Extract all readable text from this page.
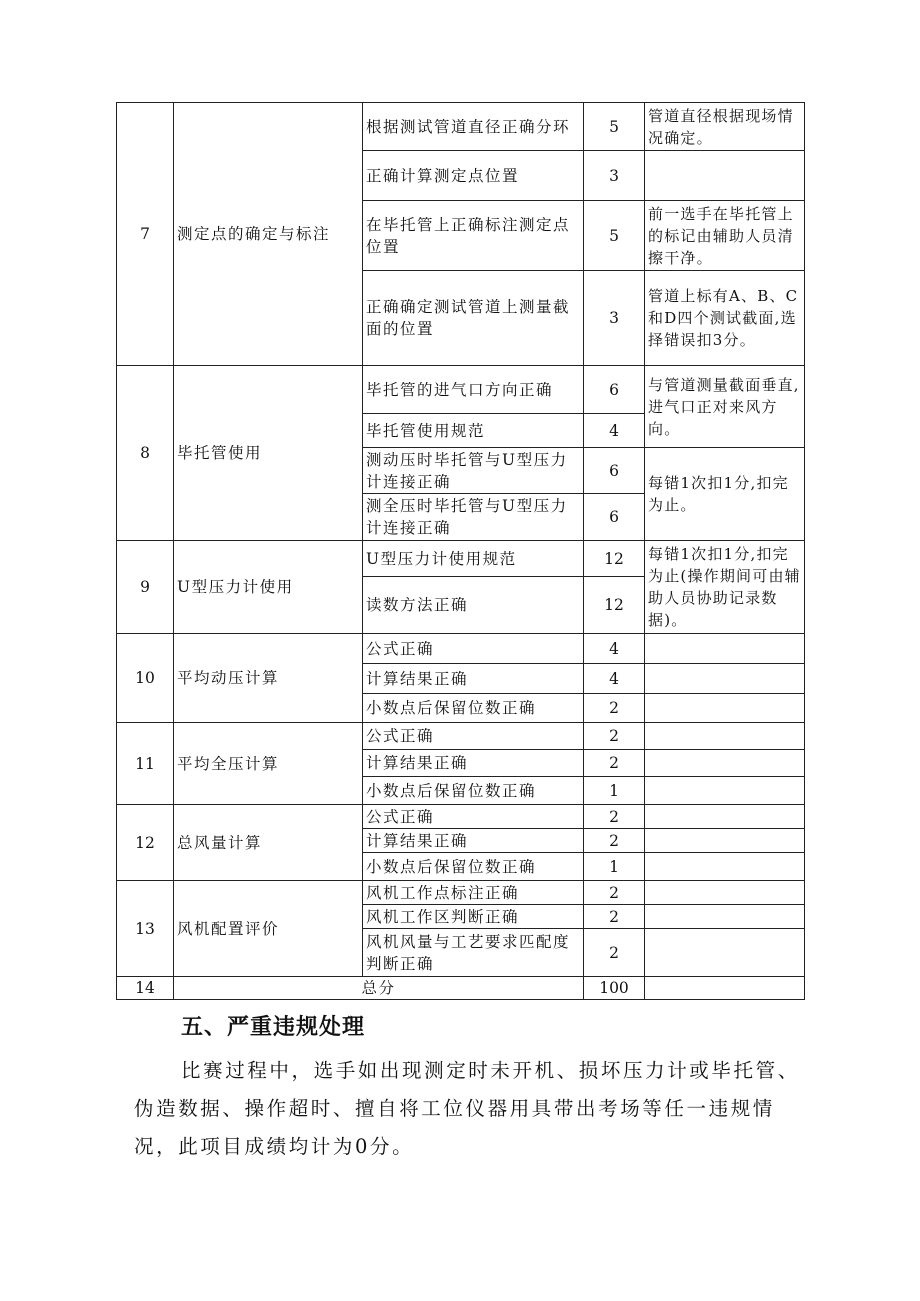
7	测定点的确定与标注	根据测试管道直径正确分环	5	管道直径根据现场情况确定。
		正确计算测定点位置	3	
		在毕托管上正确标注测定点位置	5	前一选手在毕托管上的标记由辅助人员清擦干净。
		正确确定测试管道上测量截面的位置	3	管道上标有A、B、C和D四个测试截面,选择错误扣3分。
8	毕托管使用	毕托管的进气口方向正确	6	与管道测量截面垂直,进气口正对来风方向。
		毕托管使用规范	4	
		测动压时毕托管与U型压力计连接正确	6	每错1次扣1分,扣完为止。
		测全压时毕托管与U型压力计连接正确	6	
9	U型压力计使用	U型压力计使用规范	12	每错1次扣1分,扣完为止(操作期间可由辅助人员协助记录数据)。
		读数方法正确	12	
10	平均动压计算	公式正确	4	
		计算结果正确	4	
		小数点后保留位数正确	2	
11	平均全压计算	公式正确	2	
		计算结果正确	2	
		小数点后保留位数正确	1	
12	总风量计算	公式正确	2	
		计算结果正确	2	
		小数点后保留位数正确	1	
13	风机配置评价	风机工作点标注正确	2	
		风机工作区判断正确	2	
		风机风量与工艺要求匹配度判断正确	2	
14	总分		100	
五、严重违规处理

比赛过程中，选手如出现测定时未开机、损坏压力计或毕托管、伪造数据、操作超时、擅自将工位仪器用具带出考场等任一违规情况，此项目成绩均计为0分。
